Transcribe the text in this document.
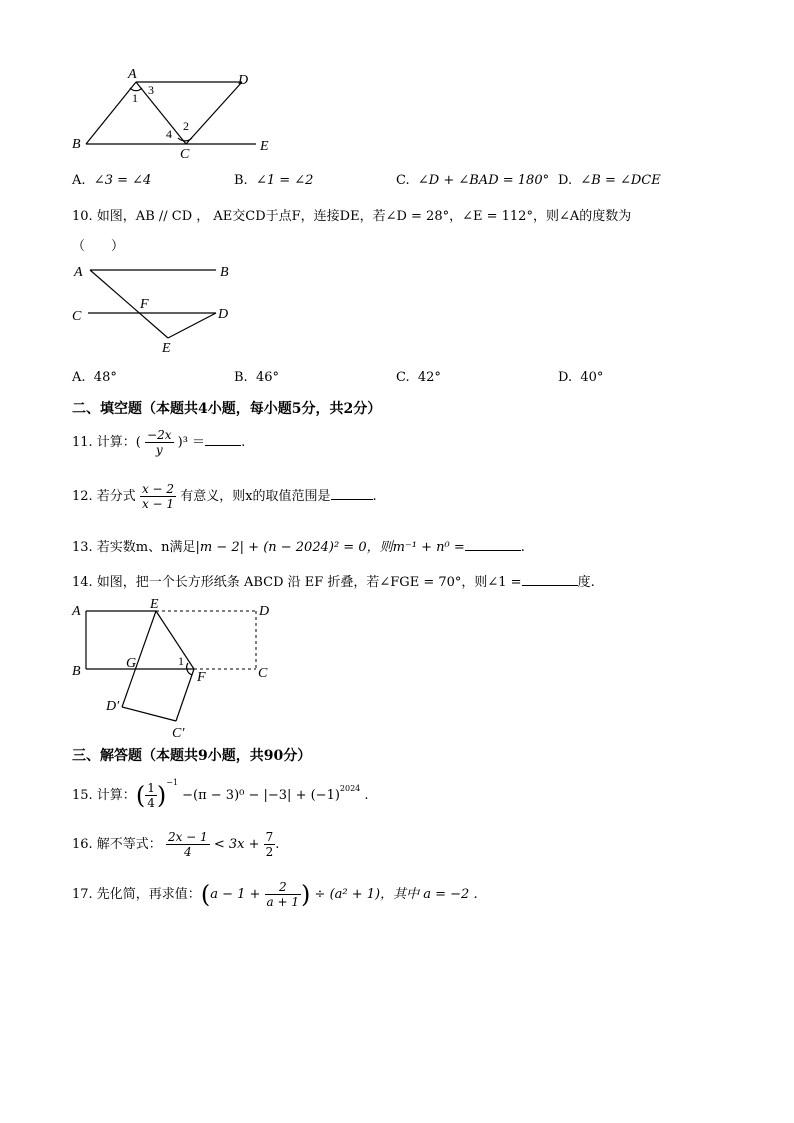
A	D
B
C
E
1
2
3
4
A. ∠3 = ∠4	B. ∠1 = ∠2	C. ∠D + ∠BAD = 180° D. ∠B = ∠DCE
10. 如图，AB // CD ， AE交CD于点F，连接DE，若∠D = 28°，∠E = 112°，则∠A的度数为
（　　）
A	B
C	D
E
F
A. 48°	B. 46°	C. 42°	D. 40°
二、填空题（本题共4小题，每小题5分，共2分）
11. 计算：( $\frac{-2x}{y} )^3$ ＝	.
12. 若分式 $\frac{x - 2}{x - 1}$ 有意义，则x的取值范围是	.
13. 若实数m、n满足|m − 2| + (n − 2024)² = 0，则m⁻¹ + n⁰ =	.
14. 如图，把一个长方形纸条 ABCD 沿 EF 折叠，若∠FGE = 70°，则∠1 =	度.
A	E	D
B
G	1
F	C
D′
C′
三、解答题（本题共9小题，共90分）
15. 计算：( $\frac{1}{4} )^{-1} -(\pi - 3)^0 - |-3| + (-1)^{2024}$ .
16. 解不等式： $\frac{2x - 1}{4} < 3x + \frac{7}{2}$ .
17. 先化简，再求值：($a - 1 + \frac{2}{a + 1}$ ) ÷ (a² + 1)，其中 a = −2 .
